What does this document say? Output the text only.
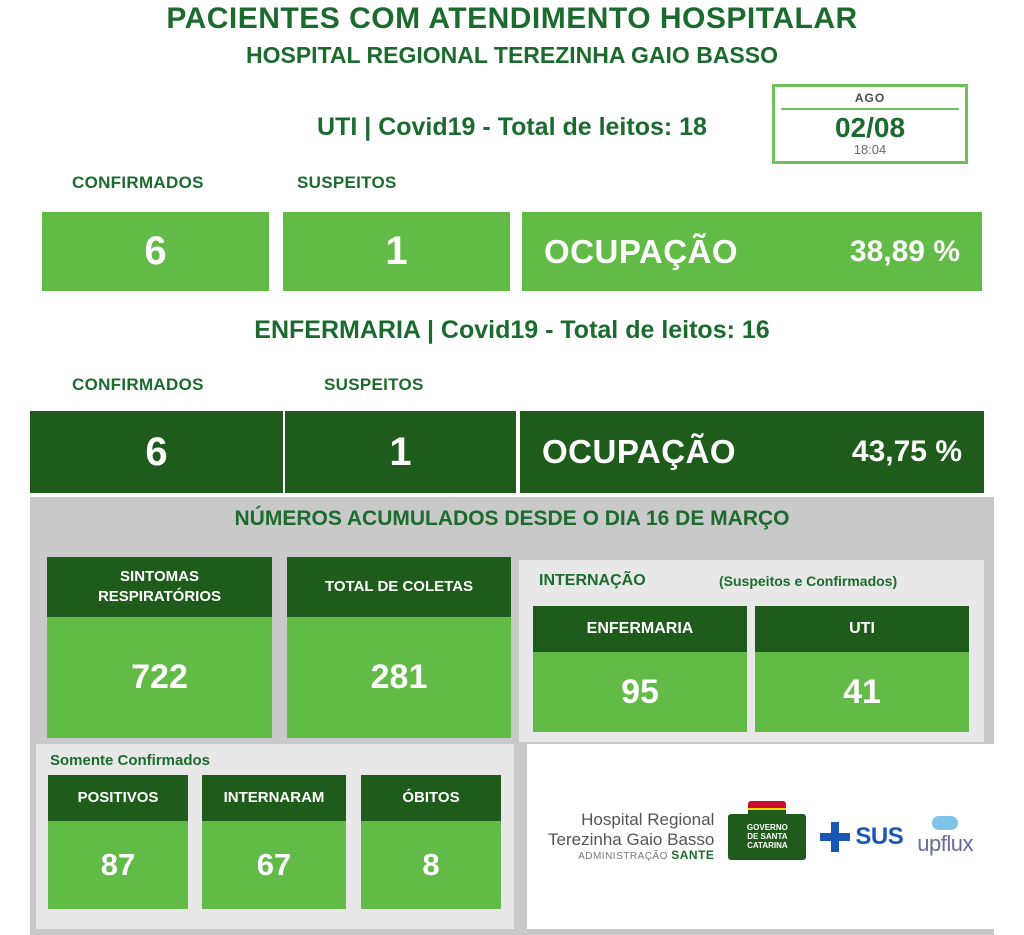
PACIENTES COM ATENDIMENTO HOSPITALAR
HOSPITAL REGIONAL TEREZINHA GAIO BASSO
AGO
02/08
18:04
UTI | Covid19 - Total de leitos: 18
CONFIRMADOS	SUSPEITOS
6	1	OCUPAÇÃO	38,89 %
ENFERMARIA | Covid19 - Total de leitos: 16
CONFIRMADOS	SUSPEITOS
6	1	OCUPAÇÃO	43,75 %
NÚMEROS ACUMULADOS DESDE O DIA 16 DE MARÇO
SINTOMAS
RESPIRATÓRIOS
722
TOTAL DE COLETAS
281
INTERNAÇÃO	(Suspeitos e Confirmados)
ENFERMARIA
95
UTI
41
Somente Confirmados
POSITIVOS
87
INTERNARAM
67
ÓBITOS
8
Hospital Regional
Terezinha Gaio Basso
ADMINISTRAÇÃO SANTE
GOVERNO
DE SANTA
CATARINA	SUS upflux
